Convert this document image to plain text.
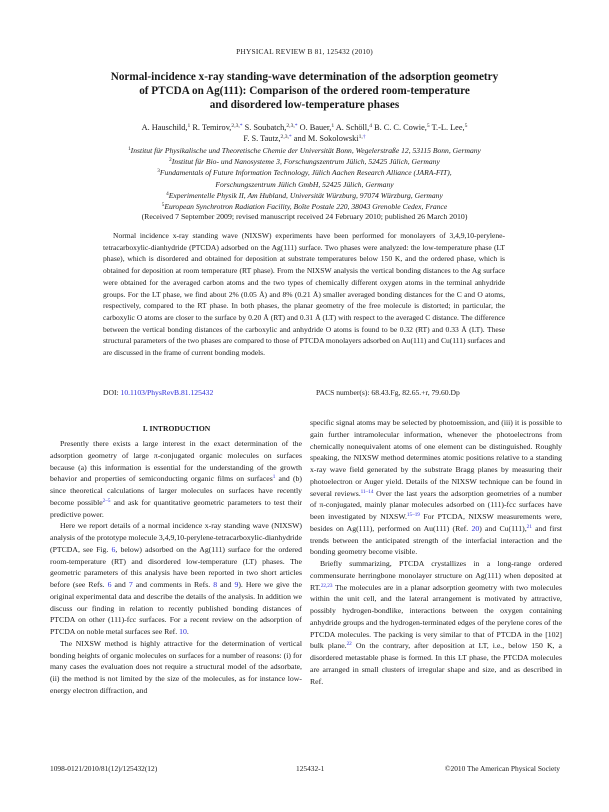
PHYSICAL REVIEW B 81, 125432 (2010)
Normal-incidence x-ray standing-wave determination of the adsorption geometry
of PTCDA on Ag(111): Comparison of the ordered room-temperature
and disordered low-temperature phases
A. Hauschild,$^1$ R. Temirov,$^{2,3,*}$ S. Soubatch,$^{2,3,*}$ O. Bauer,$^1$ A. Schöll,$^4$ B. C. C. Cowie,$^5$ T.-L. Lee,$^5$
F. S. Tautz,$^{2,3,*}$ and M. Sokolowski$^{1,\dagger}$
$^1$Institut für Physikalische und Theoretische Chemie der Universität Bonn, Wegelerstraße 12, 53115 Bonn, Germany
$^2$Institut für Bio- und Nanosysteme 3, Forschungszentrum Jülich, 52425 Jülich, Germany
$^3$Fundamentals of Future Information Technology, Jülich Aachen Research Alliance (JARA-FIT),
Forschungszentrum Jülich GmbH, 52425 Jülich, Germany
$^4$Experimentelle Physik II, Am Hubland, Universität Würzburg, 97074 Würzburg, Germany
$^5$European Synchrotron Radiation Facility, Boîte Postale 220, 38043 Grenoble Cedex, France
(Received 7 September 2009; revised manuscript received 24 February 2010; published 26 March 2010)
Normal incidence x-ray standing wave (NIXSW) experiments have been performed for monolayers of 3,4,9,10-perylene-tetracarboxylic-dianhydride (PTCDA) adsorbed on the Ag(111) surface. Two phases were analyzed: the low-temperature phase (LT phase), which is disordered and obtained for deposition at substrate temperatures below 150 K, and the ordered phase, which is obtained for deposition at room temperature (RT phase). From the NIXSW analysis the vertical bonding distances to the Ag surface were obtained for the averaged carbon atoms and the two types of chemically different oxygen atoms in the terminal anhydride groups. For the LT phase, we find about 2% (0.05 Å) and 8% (0.21 Å) smaller averaged bonding distances for the C and O atoms, respectively, compared to the RT phase. In both phases, the planar geometry of the free molecule is distorted; in particular, the carboxylic O atoms are closer to the surface by 0.20 Å (RT) and 0.31 Å (LT) with respect to the averaged C distance. The difference between the vertical bonding distances of the carboxylic and anhydride O atoms is found to be 0.32 (RT) and 0.33 Å (LT). These structural parameters of the two phases are compared to those of PTCDA monolayers adsorbed on Au(111) and Cu(111) surfaces and are discussed in the frame of current bonding models.
DOI: 10.1103/PhysRevB.81.125432	PACS number(s): 68.43.Fg, 82.65.+r, 79.60.Dp
I. INTRODUCTION

Presently there exists a large interest in the exact determination of the adsorption geometry of large π-conjugated organic molecules on surfaces because (a) this information is essential for the understanding of the growth behavior and properties of semiconducting organic films on surfaces$^1$ and (b) since theoretical calculations of larger molecules on surfaces have recently become possible$^{2-5}$ and ask for quantitative geometric parameters to test their predictive power.

Here we report details of a normal incidence x-ray standing wave (NIXSW) analysis of the prototype molecule 3,4,9,10-perylene-tetracarboxylic-dianhydride (PTCDA, see Fig. 6, below) adsorbed on the Ag(111) surface for the ordered room-temperature (RT) and disordered low-temperature (LT) phases. The geometric parameters of this analysis have been reported in two short articles before (see Refs. 6 and 7 and comments in Refs. 8 and 9). Here we give the original experimental data and describe the details of the analysis. In addition we discuss our finding in relation to recently published bonding distances of PTCDA on other (111)-fcc surfaces. For a recent review on the adsorption of PTCDA on noble metal surfaces see Ref. 10.

The NIXSW method is highly attractive for the determination of vertical bonding heights of organic molecules on surfaces for a number of reasons: (i) for many cases the evaluation does not require a structural model of the adsorbate, (ii) the method is not limited by the size of the molecules, as for instance low-energy electron diffraction, and

specific signal atoms may be selected by photoemission, and (iii) it is possible to gain further intramolecular information, whenever the photoelectrons from chemically nonequivalent atoms of one element can be distinguished. Roughly speaking, the NIXSW method determines atomic positions relative to a standing x-ray wave field generated by the substrate Bragg planes by measuring their photoelectron or Auger yield. Details of the NIXSW technique can be found in several reviews.$^{11-14}$ Over the last years the adsorption geometries of a number of π-conjugated, mainly planar molecules adsorbed on (111)-fcc surfaces have been investigated by NIXSW.$^{15-19}$ For PTCDA, NIXSW measurements were, besides on Ag(111), performed on Au(111) (Ref. 20) and Cu(111),$^{21}$ and first trends between the anticipated strength of the interfacial interaction and the bonding geometry become visible.

Briefly summarizing, PTCDA crystallizes in a long-range ordered commensurate herringbone monolayer structure on Ag(111) when deposited at RT.$^{22,23}$ The molecules are in a planar adsorption geometry with two molecules within the unit cell, and the lateral arrangement is motivated by attractive, possibly hydrogen-bondlike, interactions between the oxygen containing anhydride groups and the hydrogen-terminated edges of the perylene cores of the PTCDA molecules. The packing is very similar to that of PTCDA in the [102] bulk plane.$^{22}$ On the contrary, after deposition at LT, i.e., below 150 K, a disordered metastable phase is formed. In this LT phase, the PTCDA molecules are arranged in small clusters of irregular shape and size, and as described in Ref.

1098-0121/2010/81(12)/125432(12)	125432-1	©2010 The American Physical Society
